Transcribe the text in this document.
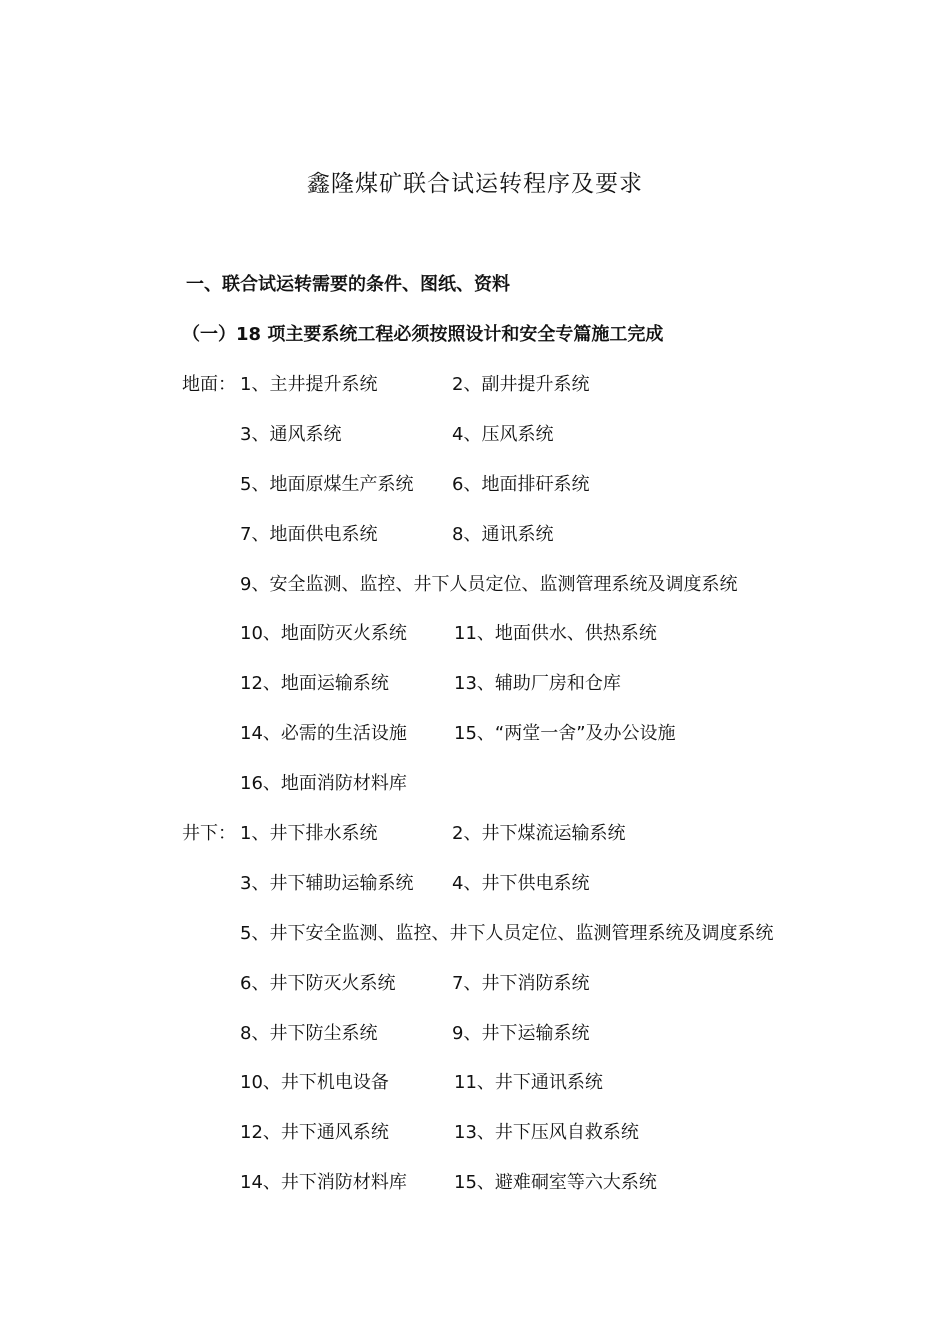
鑫隆煤矿联合试运转程序及要求
一、联合试运转需要的条件、图纸、资料
（一）18 项主要系统工程必须按照设计和安全专篇施工完成
地面： 1、主井提升系统	2、副井提升系统
3、通风系统	4、压风系统
5、地面原煤生产系统 6、地面排矸系统
7、地面供电系统	8、通讯系统
9、安全监测、监控、井下人员定位、监测管理系统及调度系统
10、地面防灭火系统	11、地面供水、供热系统
12、地面运输系统	13、辅助厂房和仓库
14、必需的生活设施	15、“两堂一舍”及办公设施
16、地面消防材料库
井下： 1、井下排水系统	2、井下煤流运输系统
3、井下辅助运输系统 4、井下供电系统
5、井下安全监测、监控、井下人员定位、监测管理系统及调度系统
6、井下防灭火系统	7、井下消防系统
8、井下防尘系统	9、井下运输系统
10、井下机电设备	11、井下通讯系统
12、井下通风系统	13、井下压风自救系统
14、井下消防材料库	15、避难硐室等六大系统
